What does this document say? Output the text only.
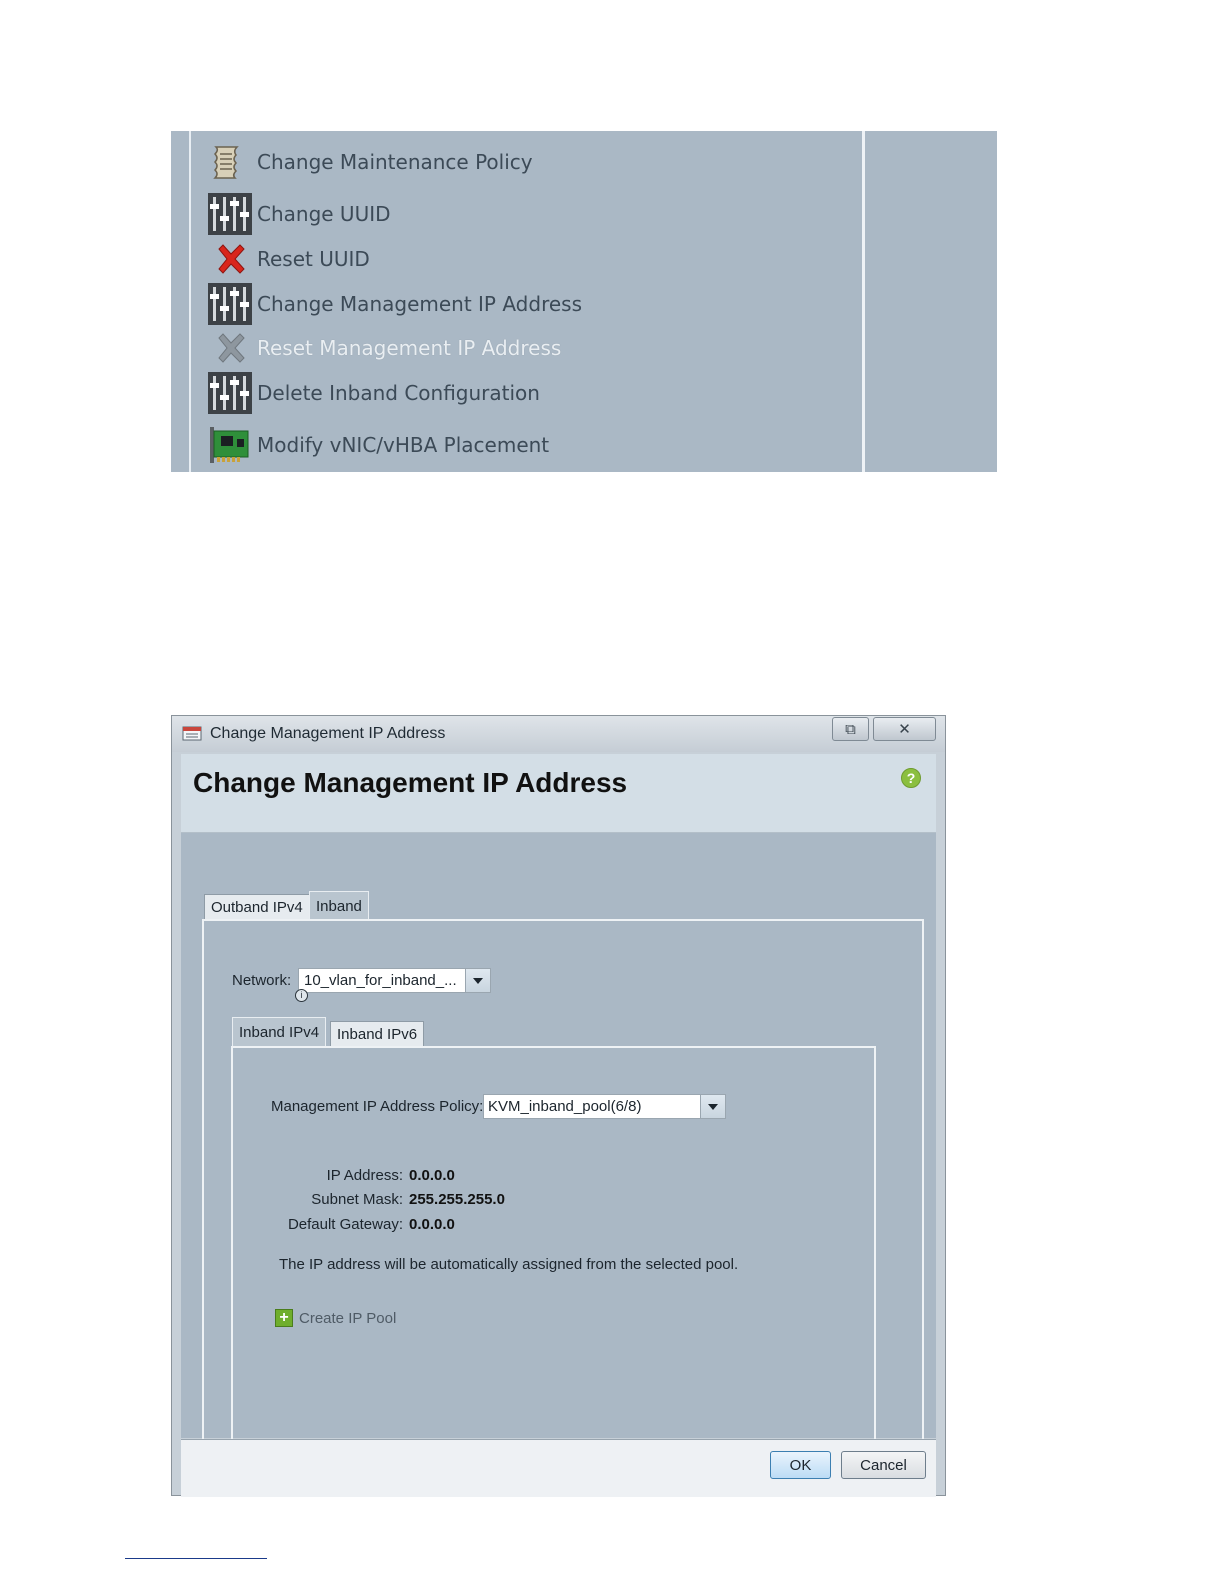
Change Maintenance Policy
Change UUID
Reset UUID
Change Management IP Address
Reset Management IP Address
Delete Inband Configuration
Modify vNIC/vHBA Placement
Change Management IP Address	⧉	✕
Change Management IP Address	?
Outband IPv4 Inband
Network: 10_vlan_for_inband_...
i
Inband IPv4	Inband IPv6
Management IP Address Policy: KVM_inband_pool(6/8)
IP Address: 0.0.0.0
Subnet Mask: 255.255.255.0
Default Gateway: 0.0.0.0
The IP address will be automatically assigned from the selected pool.
+ Create IP Pool
OK	Cancel
